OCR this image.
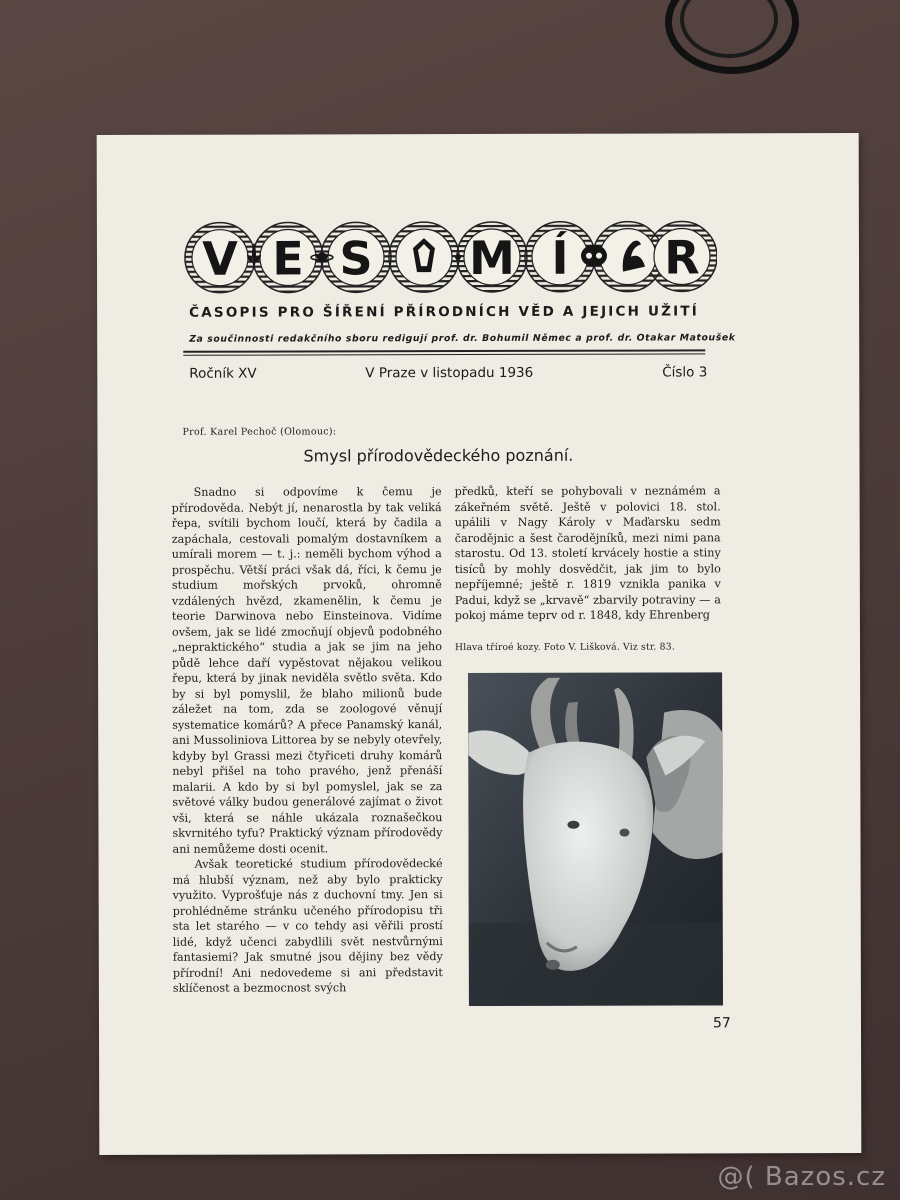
V E S M Í R
ČASOPIS PRO ŠÍŘENÍ PŘÍRODNÍCH VĚD A JEJICH UŽITÍ
Za součinnosti redakčního sboru redigují prof. dr. Bohumil Němec a prof. dr. Otakar Matoušek
Ročník XV	V Praze v listopadu 1936	Číslo 3
Prof. Karel Pechoč (Olomouc):
Smysl přírodovědeckého poznání.

Snadno si odpovíme k čemu je přírodověda. Nebýt jí, nenarostla by tak veliká řepa, svítili bychom loučí, která by čadila a zapáchala, cestovali pomalým dostavníkem a umírali morem — t. j.: neměli bychom výhod a prospěchu. Větší práci však dá, říci, k čemu je studium mořských prvoků, ohromně vzdálených hvězd, zkamenělin, k čemu je teorie Darwinova nebo Einsteinova. Vidíme ovšem, jak se lidé zmocňují objevů podobného „nepraktického“ studia a jak se jim na jeho půdě lehce daří vypěstovat nějakou velikou řepu, která by jinak neviděla světlo světa. Kdo by si byl pomyslil, že blaho milionů bude záležet na tom, zda se zoologové věnují systematice komárů? A přece Panamský kanál, ani Mussoliniova Littorea by se nebyly otevřely, kdyby byl Grassi mezi čtyřiceti druhy komárů nebyl přišel na toho pravého, jenž přenáší malarii. A kdo by si byl pomyslel, jak se za světové války budou generálové zajímat o život vši, která se náhle ukázala roznašečkou skvrnitého tyfu? Praktický význam přírodovědy ani nemůžeme dosti ocenit.

Avšak teoretické studium přírodovědecké má hlubší význam, než aby bylo prakticky využito. Vyprošťuje nás z duchovní tmy. Jen si prohlédněme stránku učeného přírodopisu tři sta let starého — v co tehdy asi věřili prostí lidé, když učenci zabydlili svět nestvůrnými fantasiemi? Jak smutné jsou dějiny bez vědy přírodní! Ani nedovedeme si ani představit sklíčenost a bezmocnost svých

předků, kteří se pohybovali v neznámém a zákeřném světě. Ještě v polovici 18. stol. upálili v Nagy Károly v Maďarsku sedm čarodějnic a šest čarodějníků, mezi nimi pana starostu. Od 13. století krvácely hostie a stiny tisíců by mohly dosvědčit, jak jim to bylo nepříjemné; ještě r. 1819 vznikla panika v Padui, když se „krvavě“ zbarvily potraviny — a pokoj máme teprv od r. 1848, kdy Ehrenberg

Hlava tříroé kozy. Foto V. Lišková. Viz str. 83.
57
@( Bazos.cz
